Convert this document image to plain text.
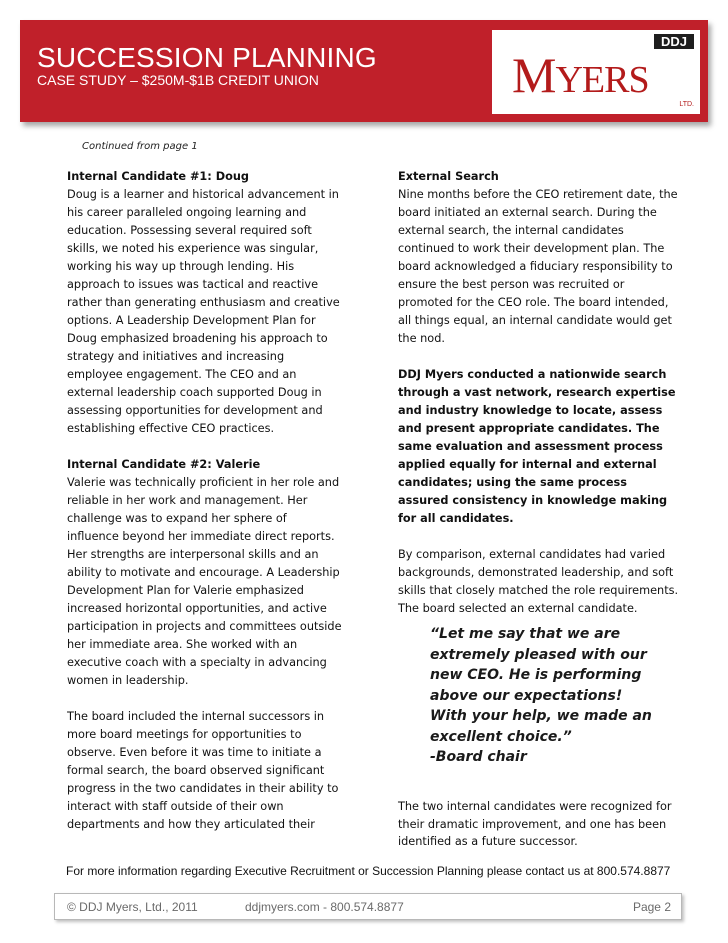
SUCCESSION PLANNING
CASE STUDY – $250M-$1B CREDIT UNION
DDJ
MYERS
LTD.
Continued from page 1

Internal Candidate #1: Doug

Doug is a learner and historical advancement in his career paralleled ongoing learning and education. Possessing several required soft skills, we noted his experience was singular, working his way up through lending. His approach to issues was tactical and reactive rather than generating enthusiasm and creative options. A Leadership Development Plan for Doug emphasized broadening his approach to strategy and initiatives and increasing employee engagement. The CEO and an external leadership coach supported Doug in assessing opportunities for development and establishing effective CEO practices.

Internal Candidate #2: Valerie

Valerie was technically proficient in her role and reliable in her work and management. Her challenge was to expand her sphere of influence beyond her immediate direct reports. Her strengths are interpersonal skills and an ability to motivate and encourage. A Leadership Development Plan for Valerie emphasized increased horizontal opportunities, and active participation in projects and committees outside her immediate area. She worked with an executive coach with a specialty in advancing women in leadership.

The board included the internal successors in more board meetings for opportunities to observe. Even before it was time to initiate a formal search, the board observed significant progress in the two candidates in their ability to interact with staff outside of their own departments and how they articulated their

External Search

Nine months before the CEO retirement date, the board initiated an external search. During the external search, the internal candidates continued to work their development plan. The board acknowledged a fiduciary responsibility to ensure the best person was recruited or promoted for the CEO role. The board intended, all things equal, an internal candidate would get the nod.

DDJ Myers conducted a nationwide search through a vast network, research expertise and industry knowledge to locate, assess and present appropriate candidates. The same evaluation and assessment process applied equally for internal and external candidates; using the same process assured consistency in knowledge making for all candidates.

By comparison, external candidates had varied backgrounds, demonstrated leadership, and soft skills that closely matched the role requirements. The board selected an external candidate.

“Let me say that we are
extremely pleased with our
new CEO. He is performing
above our expectations!
With your help, we made an
excellent choice.”
-Board chair
The two internal candidates were recognized for their dramatic improvement, and one has been identified as a future successor.
For more information regarding Executive Recruitment or Succession Planning please contact us at 800.574.8877
© DDJ Myers, Ltd., 2011	ddjmyers.com - 800.574.8877	Page 2
